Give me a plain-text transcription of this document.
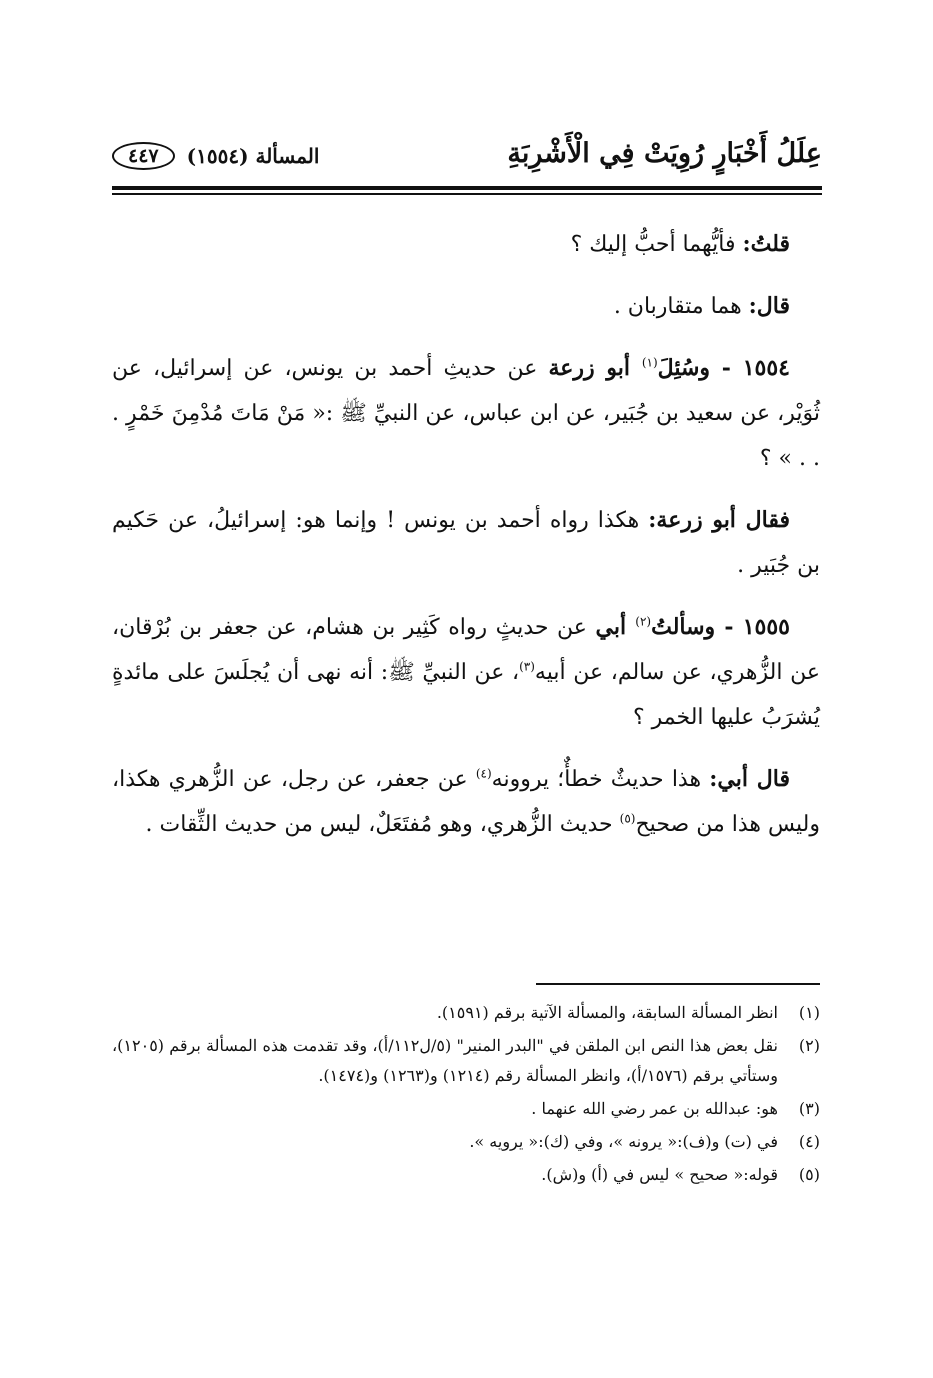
عِلَلُ أَخْبَارٍ رُوِيَتْ فِي الْأَشْرِبَةِ
المسألة (١٥٥٤)
٤٤٧

قلتُ: فأيُّهما أحبُّ إليك ؟

قال: هما متقاربان .

١٥٥٤ - وسُئِلَ$^{(١)}$ أبو زرعة عن حديثِ أحمد بن يونس، عن إسرائيل، عن ثُوَيْر، عن سعيد بن جُبَير، عن ابن عباس، عن النبيِّ ﷺ :« مَنْ مَاتَ مُدْمِنَ خَمْرٍ . . . » ؟

فقال أبو زرعة: هكذا رواه أحمد بن يونس ! وإنما هو: إسرائيلُ، عن حَكيم بن جُبَير .

١٥٥٥ - وسألتُ$^{(٢)}$ أبي عن حديثٍ رواه كَثِير بن هشام، عن جعفر بن بُرْقان، عن الزُّهري، عن سالم، عن أبيه$^{(٣)}$، عن النبيِّ ﷺ: أنه نهى أن يُجلَسَ على مائدةٍ يُشرَبُ عليها الخمر ؟

قال أبي: هذا حديثٌ خطأٌ؛ يروونه$^{(٤)}$ عن جعفر، عن رجل، عن الزُّهري هكذا، وليس هذا من صحيح$^{(٥)}$ حديث الزُّهري، وهو مُفتَعَلٌ، ليس من حديث الثِّقات .

(١)
انظر المسألة السابقة، والمسألة الآتية برقم (١٥٩١).
(٢)
نقل بعض هذا النص ابن الملقن في "البدر المنير" (٥/ل١١٢/أ)، وقد تقدمت هذه المسألة برقم (١٢٠٥)، وستأتي برقم (١٥٧٦/أ)، وانظر المسألة رقم (١٢١٤) و(١٢٦٣) و(١٤٧٤).
(٣)
هو: عبدالله بن عمر رضي الله عنهما .
(٤)
في (ت) و(ف):« يرونه »، وفي (ك):« يرويه ».
(٥)
قوله:« صحيح » ليس في (أ) و(ش).
